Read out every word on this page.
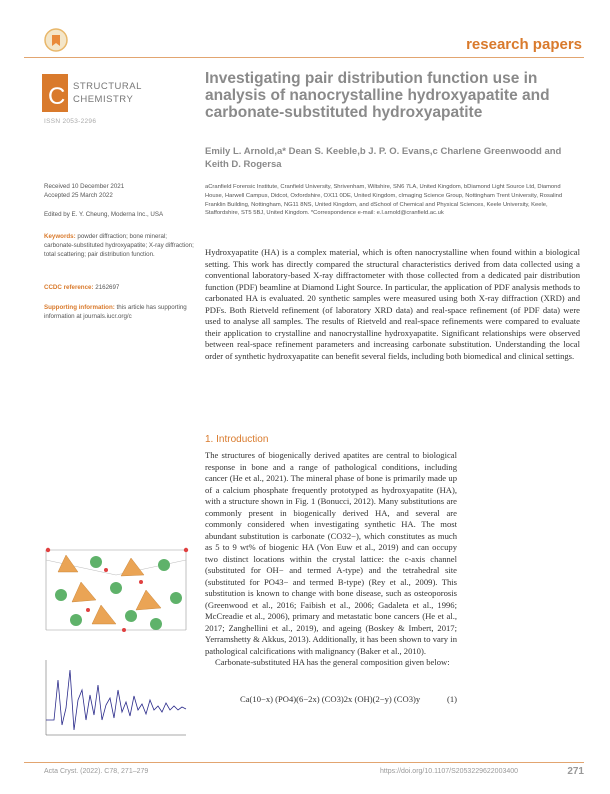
research papers
C STRUCTURAL
CHEMISTRY
ISSN 2053-2296
Investigating pair distribution function use in analysis of nanocrystalline hydroxyapatite and carbonate-substituted hydroxyapatite
Emily L. Arnold,a* Dean S. Keeble,b J. P. O. Evans,c Charlene Greenwoodd and Keith D. Rogersa
aCranfield Forensic Institute, Cranfield University, Shrivenham, Wiltshire, SN6 7LA, United Kingdom, bDiamond Light Source Ltd, Diamond House, Harwell Campus, Didcot, Oxfordshire, OX11 0DE, United Kingdom, cImaging Science Group, Nottingham Trent University, Rosalind Franklin Building, Nottingham, NG11 8NS, United Kingdom, and dSchool of Chemical and Physical Sciences, Keele University, Keele, Staffordshire, ST5 5BJ, United Kingdom. *Correspondence e-mail: e.l.arnold@cranfield.ac.uk
Received 10 December 2021
Accepted 25 March 2022
Edited by E. Y. Cheung, Moderna Inc., USA
Keywords: powder diffraction; bone mineral; carbonate-substituted hydroxyapatite; X-ray diffraction; total scattering; pair distribution function.
CCDC reference: 2162697
Supporting information: this article has supporting information at journals.iucr.org/c
Hydroxyapatite (HA) is a complex material, which is often nanocrystalline when found within a biological setting. This work has directly compared the structural characteristics derived from data collected using a conventional laboratory-based X-ray diffractometer with those collected from a dedicated pair distribution function (PDF) beamline at Diamond Light Source. In particular, the application of PDF analysis methods to carbonated HA is evaluated. 20 synthetic samples were measured using both X-ray diffraction (XRD) and PDFs. Both Rietveld refinement (of laboratory XRD data) and real-space refinement (of PDF data) were used to analyse all samples. The results of Rietveld and real-space refinements were compared to evaluate their application to crystalline and nanocrystalline hydroxyapatite. Significant relationships were observed between real-space refinement parameters and increasing carbonate substitution. Understanding the local order of synthetic hydroxyapatite can benefit several fields, including both biomedical and clinical settings.
1. Introduction

The structures of biogenically derived apatites are central to biological response in bone and a range of pathological conditions, including cancer (He et al., 2021). The mineral phase of bone is primarily made up of a calcium phosphate frequently prototyped as hydroxyapatite (HA), with a structure shown in Fig. 1 (Bonucci, 2012). Many substitutions are commonly present in biogenically derived HA, and several are commonly considered when investigating synthetic HA. The most abundant substitution is carbonate (CO32−), which constitutes as much as 5 to 9 wt% of biogenic HA (Von Euw et al., 2019) and can occupy two distinct locations within the crystal lattice: the c-axis channel (substituted for OH− and termed A-type) and the tetrahedral site (substituted for PO43− and termed B-type) (Rey et al., 2009). This substitution is known to change with bone disease, such as osteoporosis (Greenwood et al., 2016; Faibish et al., 2006; Gadaleta et al., 1996; McCreadie et al., 2006), primary and metastatic bone cancers (He et al., 2017; Zanghellini et al., 2019), and ageing (Boskey & Imbert, 2017; Yerramshetty & Akkus, 2013). Additionally, it has been shown to vary in pathological calcifications with malignancy (Baker et al., 2010).

Carbonate-substituted HA has the general composition given below:

Ca(10−x) (PO4)(6−2x) (CO3)2x (OH)(2−y) (CO3)y	(1)
Acta Cryst. (2022). C78, 271–279	https://doi.org/10.1107/S2053229622003400	271
